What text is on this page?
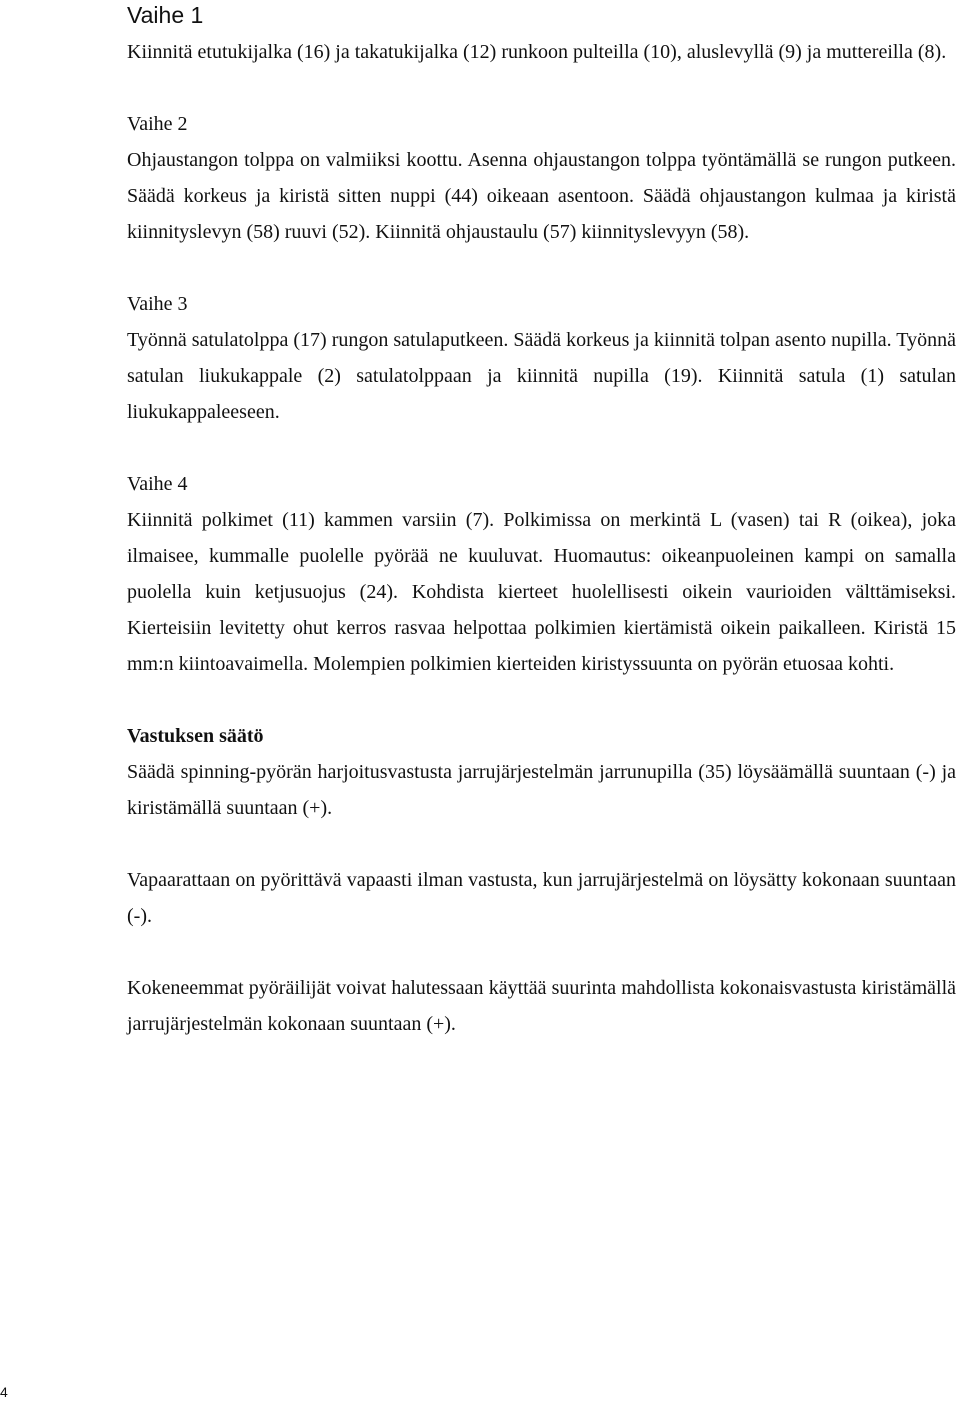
Vaihe 1

Kiinnitä etutukijalka (16) ja takatukijalka (12) runkoon pulteilla (10), aluslevyllä (9) ja muttereilla (8).

Vaihe 2

Ohjaustangon tolppa on valmiiksi koottu. Asenna ohjaustangon tolppa työntämällä se rungon putkeen. Säädä korkeus ja kiristä sitten nuppi (44) oikeaan asentoon. Säädä ohjaustangon kulmaa ja kiristä kiinnityslevyn (58) ruuvi (52). Kiinnitä ohjaustaulu (57) kiinnityslevyyn (58).

Vaihe 3

Työnnä satulatolppa (17) rungon satulaputkeen. Säädä korkeus ja kiinnitä tolpan asento nupilla. Työnnä satulan liukukappale (2) satulatolppaan ja kiinnitä nupilla (19). Kiinnitä satula (1) satulan liukukappaleeseen.

Vaihe 4

Kiinnitä polkimet (11) kammen varsiin (7). Polkimissa on merkintä L (vasen) tai R (oikea), joka ilmaisee, kummalle puolelle pyörää ne kuuluvat. Huomautus: oikeanpuoleinen kampi on samalla puolella kuin ketjusuojus (24). Kohdista kierteet huolellisesti oikein vaurioiden välttämiseksi. Kierteisiin levitetty ohut kerros rasvaa helpottaa polkimien kiertämistä oikein paikalleen. Kiristä 15 mm:n kiintoavaimella. Molempien polkimien kierteiden kiristyssuunta on pyörän etuosaa kohti.

Vastuksen säätö

Säädä spinning-pyörän harjoitusvastusta jarrujärjestelmän jarrunupilla (35) löysäämällä suuntaan (-) ja kiristämällä suuntaan (+).

Vapaarattaan on pyörittävä vapaasti ilman vastusta, kun jarrujärjestelmä on löysätty kokonaan suuntaan (-).

Kokeneemmat pyöräilijät voivat halutessaan käyttää suurinta mahdollista kokonaisvastusta kiristämällä jarrujärjestelmän kokonaan suuntaan (+).

4
